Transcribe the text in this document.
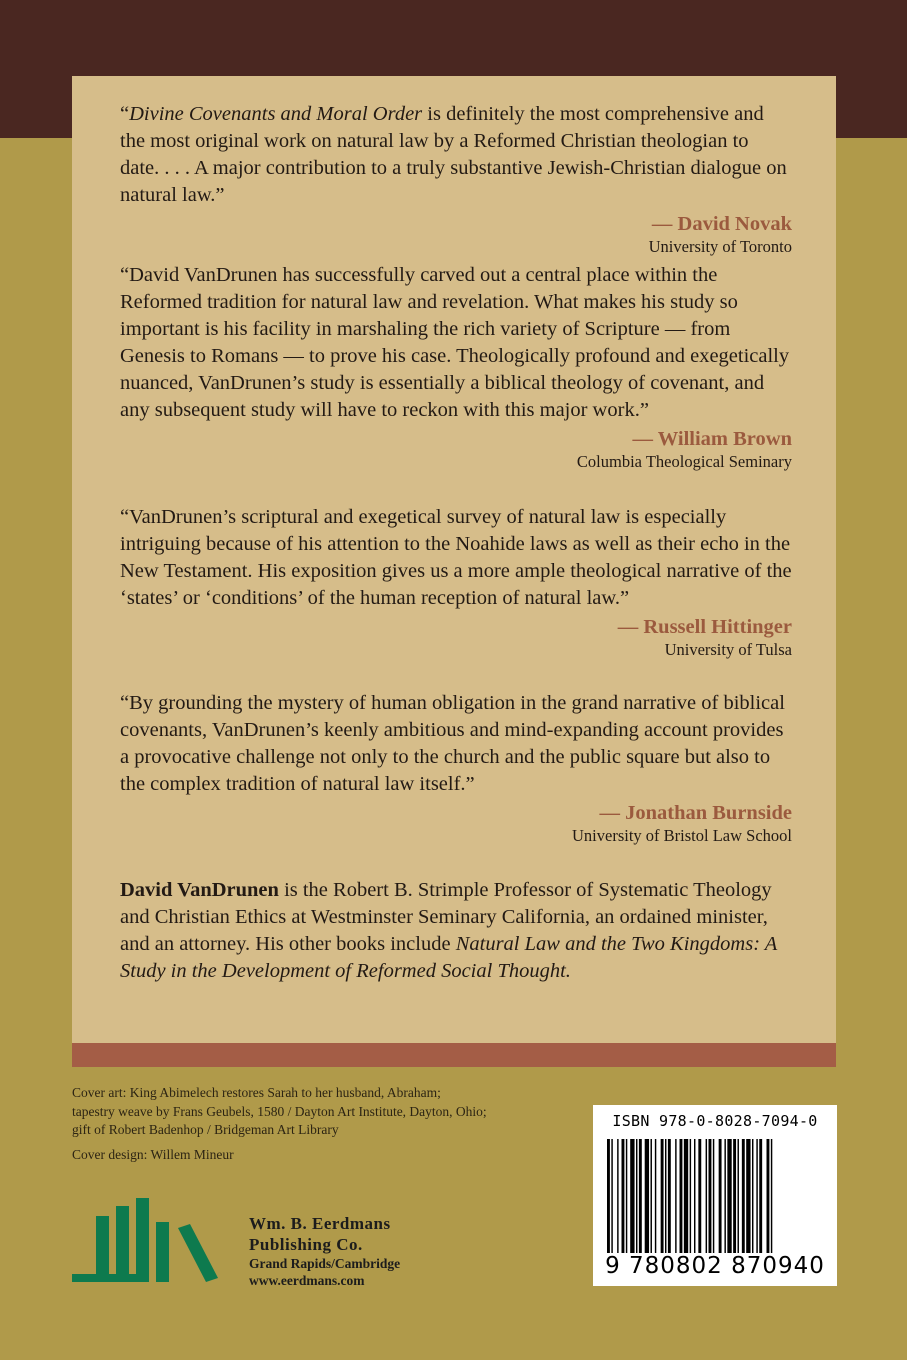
“Divine Covenants and Moral Order is definitely the most comprehensive and the most original work on natural law by a Reformed Christian theologian to date. . . . A major contribution to a truly substantive Jewish-Christian dialogue on natural law.”

— David Novak
University of Toronto

“David VanDrunen has successfully carved out a central place within the Reformed tradition for natural law and revelation. What makes his study so important is his facility in marshaling the rich variety of Scripture — from Genesis to Romans — to prove his case. Theologically profound and exegetically nuanced, VanDrunen’s study is essentially a biblical theology of covenant, and any subsequent study will have to reckon with this major work.”

— William Brown
Columbia Theological Seminary

“VanDrunen’s scriptural and exegetical survey of natural law is especially intriguing because of his attention to the Noahide laws as well as their echo in the New Testament. His exposition gives us a more ample theological narrative of the ‘states’ or ‘conditions’ of the human reception of natural law.”

— Russell Hittinger
University of Tulsa

“By grounding the mystery of human obligation in the grand narrative of biblical covenants, VanDrunen’s keenly ambitious and mind-expanding account provides a provocative challenge not only to the church and the public square but also to the complex tradition of natural law itself.”

— Jonathan Burnside
University of Bristol Law School

David VanDrunen is the Robert B. Strimple Professor of Systematic Theology and Christian Ethics at Westminster Seminary California, an ordained minister, and an attorney. His other books include Natural Law and the Two Kingdoms: A Study in the Development of Reformed Social Thought.

Cover art: King Abimelech restores Sarah to her husband, Abraham;

tapestry weave by Frans Geubels, 1580 / Dayton Art Institute, Dayton, Ohio;

gift of Robert Badenhop / Bridgeman Art Library

Cover design: Willem Mineur

Wm. B. Eerdmans
Publishing Co.
Grand Rapids/Cambridge
www.eerdmans.com
ISBN 978-0-8028-7094-0
9 780802 870940
